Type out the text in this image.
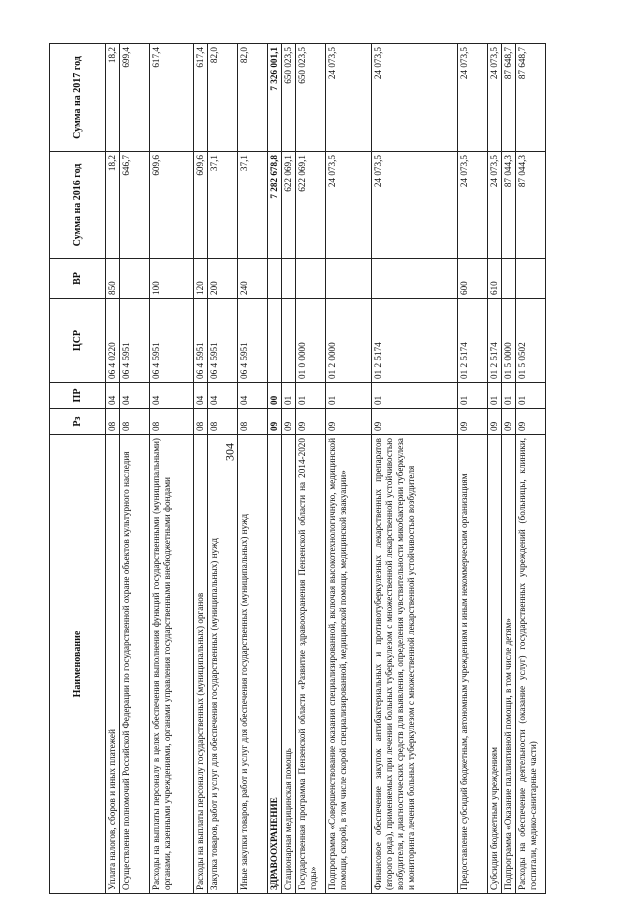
304
Наименование	Рз	ПР	ЦСР	ВР	Сумма на 2016 год	Сумма на 2017 год
Уплата налогов, сборов и иных платежей	08	04	06 4 0220	850	18,2	18,2
Осуществление полномочий Российской Федерации по государственной охране объектов культурного наследия	08	04	06 4 5951		646,7	699,4
Расходы на выплаты персоналу в целях обеспечения выполнения функций государственными (муниципальными) органами, казенными учреждениями, органами управления государственными внебюджетными фондами	08	04	06 4 5951	100	609,6	617,4
Расходы на выплаты персоналу государственных (муниципальных) органов	08	04	06 4 5951	120	609,6	617,4
Закупка товаров, работ и услуг для обеспечения государственных (муниципальных) нужд	08	04	06 4 5951	200	37,1	82,0
Иные закупки товаров, работ и услуг для обеспечения государственных (муниципальных) нужд	08	04	06 4 5951	240	37,1	82,0
ЗДРАВООХРАНЕНИЕ	09	00			7 282 678,8	7 326 001,1
Стационарная медицинская помощь	09	01			622 069,1	650 023,5
Государственная программа Пензенской области «Развитие здравоохранения Пензенской области на 2014-2020 годы»	09	01	01 0 0000		622 069,1	650 023,5
Подпрограмма «Совершенствование оказания специализированной, включая высокотехнологичную, медицинской помощи, скорой, в том числе скорой специализированной, медицинской помощи, медицинской эвакуации»	09	01	01 2 0000		24 073,5	24 073,5
Финансовое обеспечение закупок антибактериальных и противотуберкулезных лекарственных препаратов (второго ряда), применяемых при лечении больных туберкулезом с множественной лекарственной устойчивостью возбудителя, и диагностических средств для выявления, определения чувствительности микобактерии туберкулеза и мониторинга лечения больных туберкулезом с множественной лекарственной устойчивостью возбудителя	09	01	01 2 5174		24 073,5	24 073,5
Предоставление субсидий бюджетным, автономным учреждениям и иным некоммерческим организациям	09	01	01 2 5174	600	24 073,5	24 073,5
Субсидии бюджетным учреждениям	09	01	01 2 5174	610	24 073,5	24 073,5
Подпрограмма «Оказание паллиативной помощи, в том числе детям»	09	01	01 5 0000		87 044,3	87 648,7
Расходы на обеспечение деятельности (оказание услуг) государственных учреждений (больницы, клиники, госпитали, медико-санитарные части)	09	01	01 5 0502		87 044,3	87 648,7
